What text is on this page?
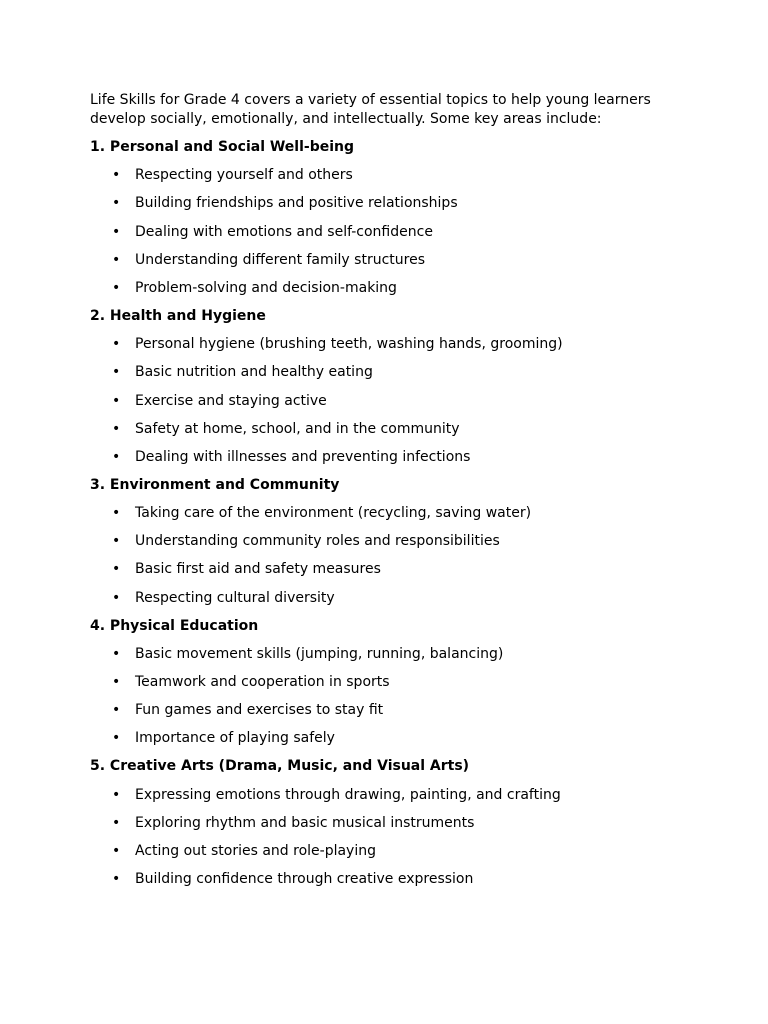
Life Skills for Grade 4 covers a variety of essential topics to help young learners develop socially, emotionally, and intellectually. Some key areas include:

1. Personal and Social Well-being
• Respecting yourself and others
• Building friendships and positive relationships
• Dealing with emotions and self-confidence
• Understanding different family structures
• Problem-solving and decision-making
2. Health and Hygiene
• Personal hygiene (brushing teeth, washing hands, grooming)
• Basic nutrition and healthy eating
• Exercise and staying active
• Safety at home, school, and in the community
• Dealing with illnesses and preventing infections
3. Environment and Community
• Taking care of the environment (recycling, saving water)
• Understanding community roles and responsibilities
• Basic first aid and safety measures
• Respecting cultural diversity
4. Physical Education
• Basic movement skills (jumping, running, balancing)
• Teamwork and cooperation in sports
• Fun games and exercises to stay fit
• Importance of playing safely
5. Creative Arts (Drama, Music, and Visual Arts)
• Expressing emotions through drawing, painting, and crafting
• Exploring rhythm and basic musical instruments
• Acting out stories and role-playing
• Building confidence through creative expression
